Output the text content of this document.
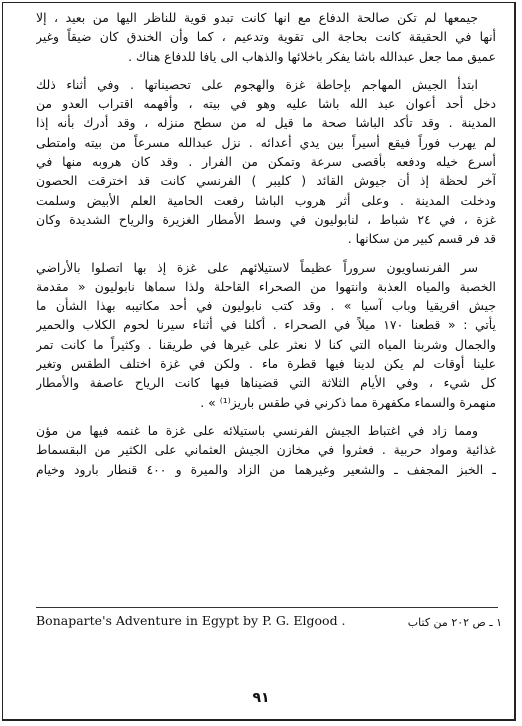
جيمعها لم تكن صالحة الدفاع مع انها كانت تبدو قوية للناظر اليها من بعيد ، إلا
أنها في الحقيقة كانت بحاجة الى تقوية وتدعيم ، كما وأن الخندق كان ضيقاً وغير
عميق مما جعل عبدالله باشا يفكر باخلائها والذهاب الى يافا للدفاع هناك .

ابتدأ الجيش المهاجم بإحاطة غزة والهجوم على تحصيناتها . وفي أثناء ذلك
دخل أحد أعوان عبد الله باشا عليه وهو في بيته ، وأفهمه اقتراب العدو من
المدينة . وقد تأكد الباشا صحة ما قيل له من سطح منزله ، وقد أدرك بأنه إذا
لم يهرب فوراً فيقع أسيراً بين يدي أعدائه . نزل عبدالله مسرعاً من بيته وامتطى
أسرع خيله ودفعه بأقصى سرعة وتمكن من الفرار . وقد كان هروبه منها في
آخر لحظة إذ أن جيوش القائد ( كليبر ) الفرنسي كانت قد اخترقت الحصون
ودخلت المدينة . وعلى أثر هروب الباشا رفعت الحامية العلم الأبيض وسلمت
غزة ، في ٢٤ شباط ، لنابوليون في وسط الأمطار الغزيرة والرياح الشديدة وكان
قد فر قسم كبير من سكانها .

سر الفرنساويون سروراً عظيماً لاستيلائهم على غزة إذ بها اتصلوا بالأراضي
الخصبة والمياه العذبة وانتهوا من الصحراء القاحلة ولذا سماها نابوليون « مقدمة
جيش افريقيا وباب آسيا » . وقد كتب نابوليون في أحد مكاتيبه بهذا الشأن ما
يأتي : « قطعنا ١٧٠ ميلاً في الصحراء . أكلنا في أثناء سيرنا لحوم الكلاب والحمير
والجمال وشربنا المياه التي كنا لا نعثر على غيرها في طريقنا . وكثيراً ما كانت تمر
علينا أوقات لم يكن لدينا فيها قطرة ماء . ولكن في غزة اختلف الطقس وتغير
كل شيء ، وفي الأيام الثلاثة التي قضيناها فيها كانت الرياح عاصفة والأمطار
منهمرة والسماء مكفهرة مما ذكرني في طقس باريز⁽¹⁾ » .

ومما زاد في اغتباط الجيش الفرنسي باستيلائه على غزة ما غنمه فيها من مؤن
غذائية ومواد حربية . فعثروا في مخازن الجيش العثماني على الكثير من البقسماط
ـ الخبز المجفف ـ والشعير وغيرهما من الزاد والميرة و ٤٠٠ قنطار بارود وخيام

Bonaparte's Adventure in Egypt by P. G. Elgood .	١ ـ ص ٢٠٢ من كتاب
٩١
